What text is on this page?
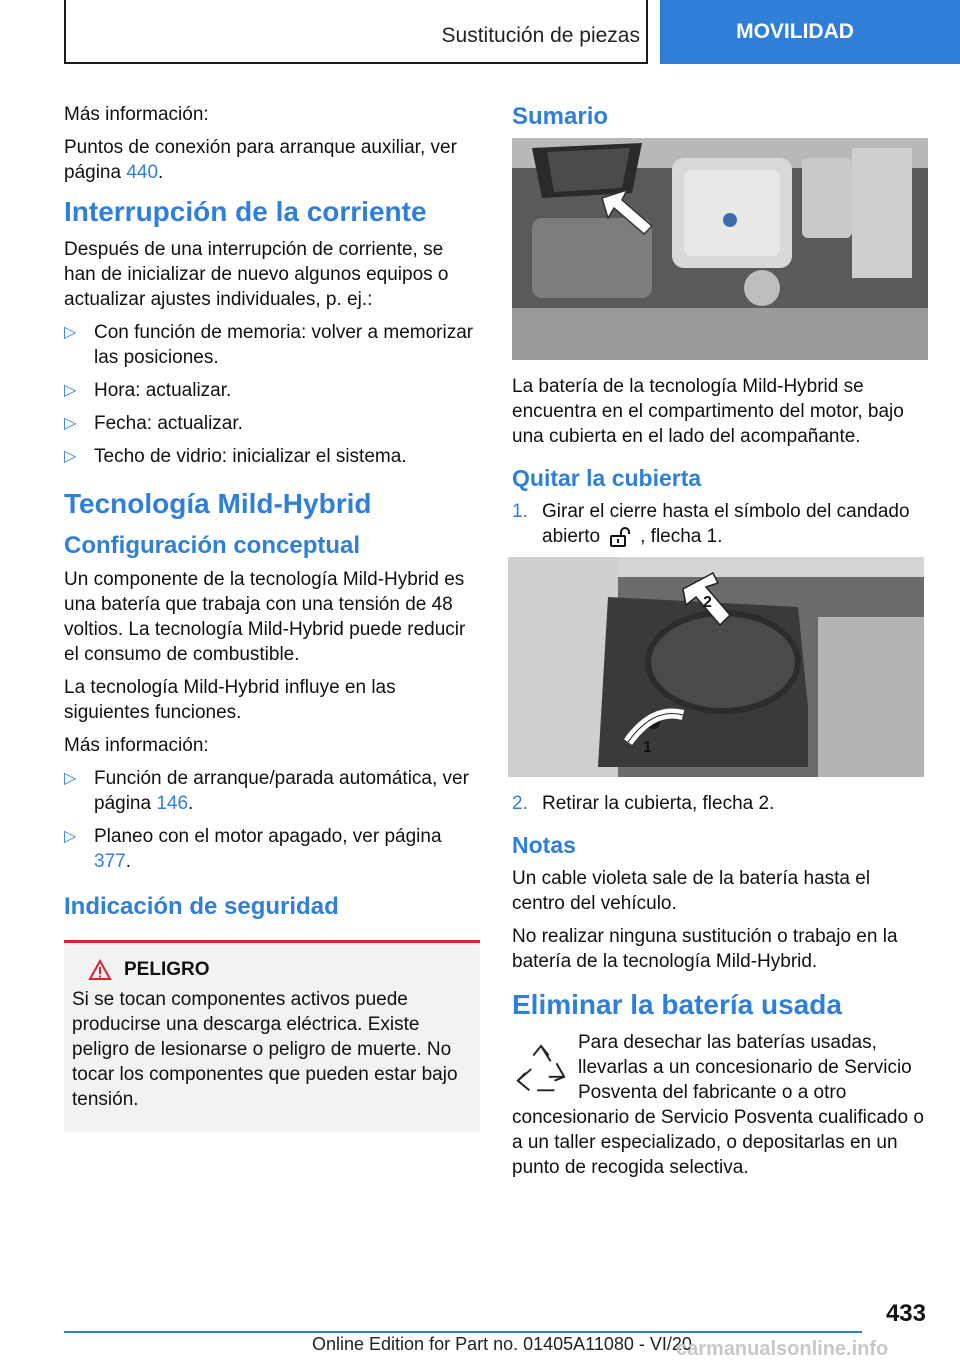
Sustitución de piezas	MOVILIDAD

Más información:

Puntos de conexión para arranque auxiliar, ver página 440.

Interrupción de la corriente

Después de una interrupción de corriente, se han de inicializar de nuevo algunos equipos o actualizar ajustes individuales, p. ej.:

▷ Con función de memoria: volver a memorizar las posiciones.
▷ Hora: actualizar.
▷ Fecha: actualizar.
▷ Techo de vidrio: inicializar el sistema.
Tecnología Mild-Hybrid
Configuración conceptual

Un componente de la tecnología Mild-Hybrid es una batería que trabaja con una tensión de 48 voltios. La tecnología Mild-Hybrid puede reducir el consumo de combustible.

La tecnología Mild-Hybrid influye en las siguientes funciones.

Más información:

▷ Función de arranque/parada automática, ver página 146.
▷ Planeo con el motor apagado, ver página 377.
Indicación de seguridad
PELIGRO

Si se tocan componentes activos puede producirse una descarga eléctrica. Existe peligro de lesionarse o peligro de muerte. No tocar los componentes que pueden estar bajo tensión.

Sumario

La batería de la tecnología Mild-Hybrid se encuentra en el compartimento del motor, bajo una cubierta en el lado del acompañante.

Quitar la cubierta
1. Girar el cierre hasta el símbolo del candado abierto , flecha 1.
2
1
2. Retirar la cubierta, flecha 2.
Notas

Un cable violeta sale de la batería hasta el centro del vehículo.

No realizar ninguna sustitución o trabajo en la batería de la tecnología Mild-Hybrid.

Eliminar la batería usada

Para desechar las baterías usadas, llevarlas a un concesionario de Servicio Posventa del fabricante o a otro concesionario de Servicio Posventa cualificado o a un taller especializado, o depositarlas en un punto de recogida selectiva.

433
Online Edition for Part no. 01405A11080 - VI/20
carmanualsonline.info
